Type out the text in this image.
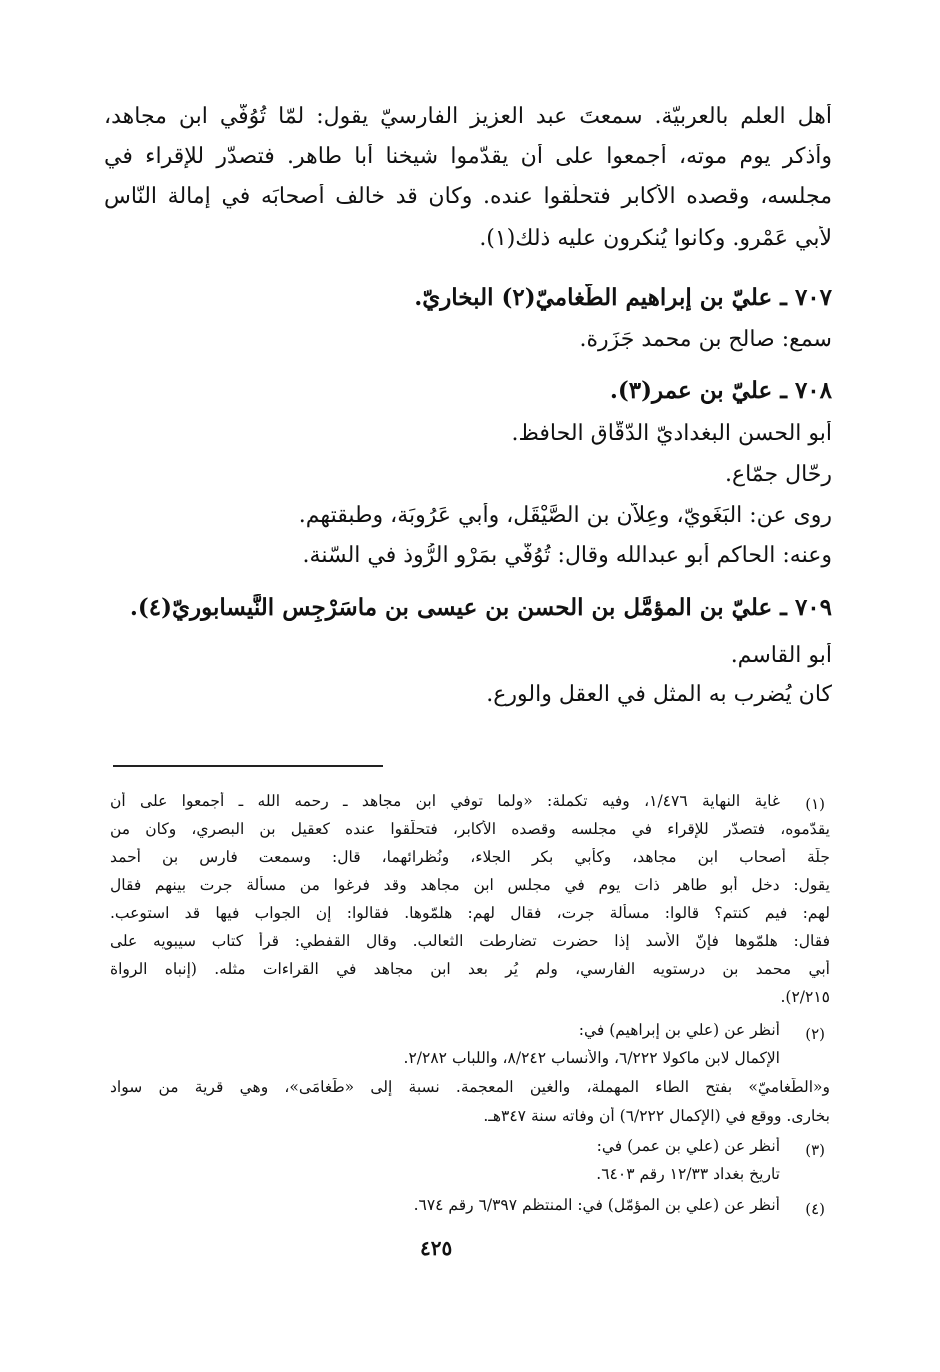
أهل العلم بالعربيّة. سمعتَ عبد العزيز الفارسيّ يقول: لمّا تُوُفّي ابن مجاهد،

وأذكر يوم موته، أجمعوا على أن يقدّموا شيخنا أبا طاهر. فتصدّر للإقراء في

مجلسه، وقصده الأكابر فتحلّقوا عنده. وكان قد خالف أصحابَه في إمالة النّاس

لأبي عَمْرو. وكانوا يُنكرون عليه ذلك(١).

٧٠٧ ـ عليّ بن إبراهيم الطَّغاميّ(٢) البخاريّ.

سمع: صالح بن محمد جَزَرة.

٧٠٨ ـ عليّ بن عمر(٣).

أبو الحسن البغداديّ الدّقّاق الحافظ.

رحّال جمّاع.

روى عن: البَغَويّ، وعِلاّن بن الصَّيْقَل، وأبي عَرُوبَة، وطبقتهم.

وعنه: الحاكم أبو عبدالله وقال: تُوُفّي بمَرْو الرُّوذ في السّنة.

٧٠٩ ـ عليّ بن المؤمَّل بن الحسن بن عيسى بن ماسَرْجِس النَّيسابوريّ(٤).

أبو القاسم.

كان يُضرب به المثل في العقل والورع.

(١)

غاية النهاية ١/٤٧٦، وفيه تكملة: «ولما توفي ابن مجاهد ـ رحمه الله ـ أجمعوا على أن

يقدّموه، فتصدّر للإقراء في مجلسه وقصده الأكابر، فتحلّقوا عنده كعقيل بن البصري، وكان من

جلّة أصحاب ابن مجاهد، وكأبي بكر الجلاء، ونُظرائهما، قال: وسمعت فارس بن أحمد

يقول: دخل أبو طاهر ذات يوم في مجلس ابن مجاهد وقد فرغوا من مسألة جرت بينهم فقال

لهم: فيم كنتم؟ قالوا: مسألة جرت، فقال لهم: هلمّوها. فقالوا: إن الجواب فيها قد استوعب.

فقال: هلمّوها فإنّ الأسد إذا حضرت تضارطت الثعالب. وقال القفطي: قرأ كتاب سيبويه على

أبي محمد بن درستويه الفارسي، ولم يُر بعد ابن مجاهد في القراءات مثله. (إنباه الرواة

٢/٢١٥).

(٢)

أنظر عن (علي بن إبراهيم) في:

الإكمال لابن ماكولا ٦/٢٢٢، والأنساب ٨/٢٤٢، واللباب ٢/٢٨٢.

و«الطَّغاميّ» بفتح الطاء المهملة، والغين المعجمة. نسبة إلى «طَغامَى»، وهي قرية من سواد

بخارى. ووقع في (الإكمال ٦/٢٢٢) أن وفاته سنة ٣٤٧هـ.

(٣)

أنظر عن (علي بن عمر) في:

تاريخ بغداد ١٢/٣٣ رقم ٦٤٠٣.

(٤)

أنظر عن (علي بن المؤمّل) في: المنتظم ٦/٣٩٧ رقم ٦٧٤.

٤٢٥
